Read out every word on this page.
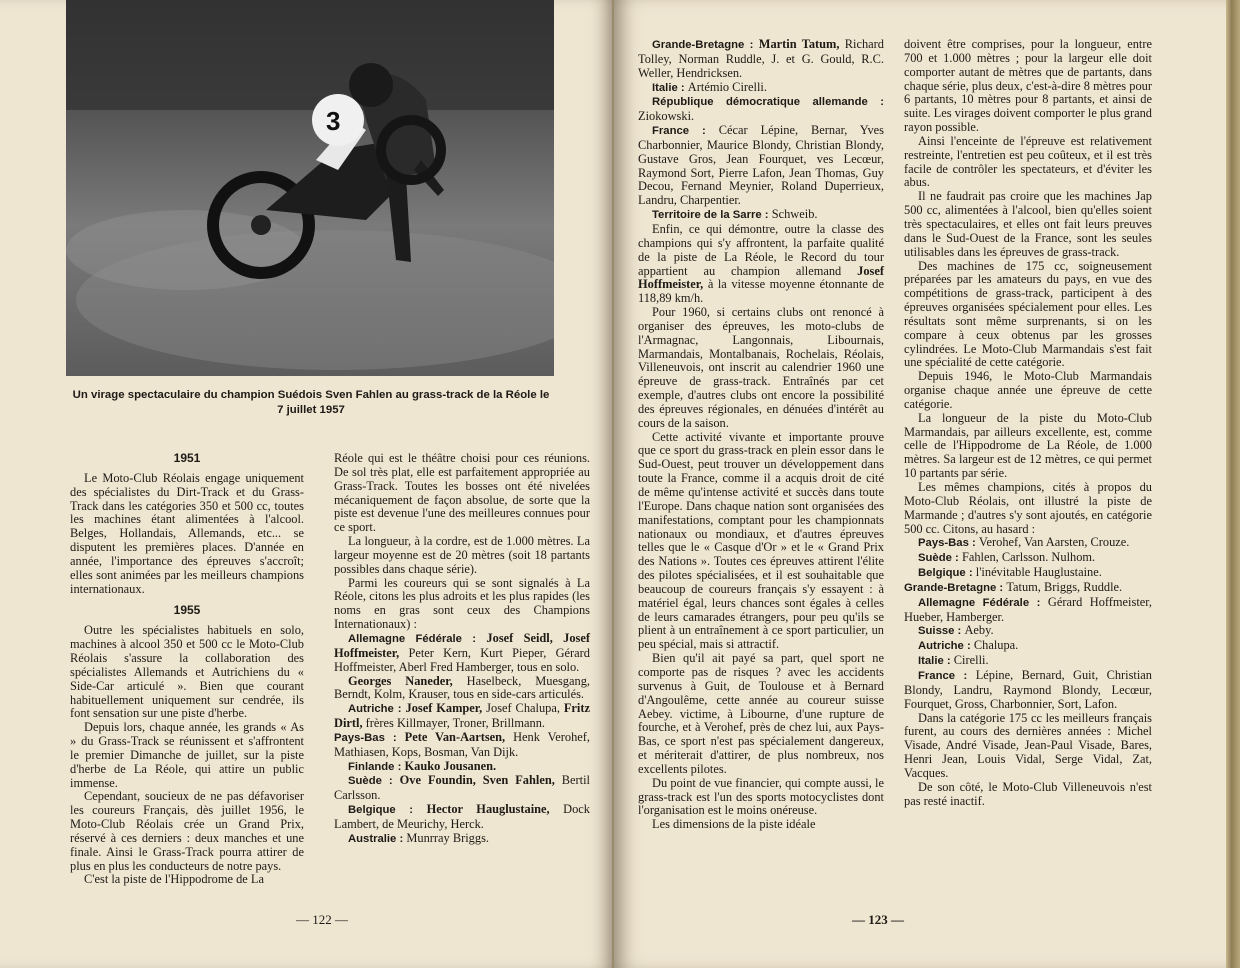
3
Un virage spectaculaire du champion Suédois Sven Fahlen au grass-track de la Réole le 7 juillet 1957
1951

Le Moto-Club Réolais engage uniquement des spécialistes du Dirt-Track et du Grass-Track dans les catégories 350 et 500 cc, toutes les machines étant alimentées à l'alcool. Belges, Hollandais, Allemands, etc... se disputent les premières places. D'année en année, l'importance des épreuves s'accroît; elles sont animées par les meilleurs champions internationaux.

1955

Outre les spécialistes habituels en solo, machines à alcool 350 et 500 cc le Moto-Club Réolais s'assure la collaboration des spécialistes Allemands et Autrichiens du « Side-Car articulé ». Bien que courant habituellement uniquement sur cendrée, ils font sensation sur une piste d'herbe.

Depuis lors, chaque année, les grands « As » du Grass-Track se réunissent et s'affrontent le premier Dimanche de juillet, sur la piste d'herbe de La Réole, qui attire un public immense.

Cependant, soucieux de ne pas défavoriser les coureurs Français, dès juillet 1956, le Moto-Club Réolais crée un Grand Prix, réservé à ces derniers : deux manches et une finale. Ainsi le Grass-Track pourra attirer de plus en plus les conducteurs de notre pays.

C'est la piste de l'Hippodrome de La

Réole qui est le théâtre choisi pour ces réunions. De sol très plat, elle est parfaitement appropriée au Grass-Track. Toutes les bosses ont été nivelées mécaniquement de façon absolue, de sorte que la piste est devenue l'une des meilleures connues pour ce sport.

La longueur, à la cordre, est de 1.000 mètres. La largeur moyenne est de 20 mètres (soit 18 partants possibles dans chaque série).

Parmi les coureurs qui se sont signalés à La Réole, citons les plus adroits et les plus rapides (les noms en gras sont ceux des Champions Internationaux) :

Allemagne Fédérale : Josef Seidl, Josef Hoffmeister, Peter Kern, Kurt Pieper, Gérard Hoffmeister, Aberl Fred Hamberger, tous en solo.

Georges Naneder, Haselbeck, Muesgang, Berndt, Kolm, Krauser, tous en side-cars articulés.

Autriche : Josef Kamper, Josef Chalupa, Fritz Dirtl, frères Killmayer, Troner, Brillmann.

Pays-Bas : Pete Van-Aartsen, Henk Verohef, Mathiasen, Kops, Bosman, Van Dijk.

Finlande : Kauko Jousanen.

Suède : Ove Foundin, Sven Fahlen, Bertil Carlsson.

Belgique : Hector Hauglustaine, Dock Lambert, de Meurichy, Herck.

Australie : Munrray Briggs.

— 122 —

Grande-Bretagne : Martin Tatum, Richard Tolley, Norman Ruddle, J. et G. Gould, R.C. Weller, Hendricksen.

Italie : Artémio Cirelli.

République démocratique allemande : Ziokowski.

France : Cécar Lépine, Bernar, Yves Charbonnier, Maurice Blondy, Christian Blondy, Gustave Gros, Jean Fourquet, ves Lecœur, Raymond Sort, Pierre Lafon, Jean Thomas, Guy Decou, Fernand Meynier, Roland Duperrieux, Landru, Charpentier.

Territoire de la Sarre : Schweib.

Enfin, ce qui démontre, outre la classe des champions qui s'y affrontent, la parfaite qualité de la piste de La Réole, le Record du tour appartient au champion allemand Josef Hoffmeister, à la vitesse moyenne étonnante de 118,89 km/h.

Pour 1960, si certains clubs ont renoncé à organiser des épreuves, les moto-clubs de l'Armagnac, Langonnais, Libournais, Marmandais, Montalbanais, Rochelais, Réolais, Villeneuvois, ont inscrit au calendrier 1960 une épreuve de grass-track. Entraînés par cet exemple, d'autres clubs ont encore la possibilité des épreuves régionales, en dénuées d'intérêt au cours de la saison.

Cette activité vivante et importante prouve que ce sport du grass-track en plein essor dans le Sud-Ouest, peut trouver un développement dans toute la France, comme il a acquis droit de cité de même qu'intense activité et succès dans toute l'Europe. Dans chaque nation sont organisées des manifestations, comptant pour les championnats nationaux ou mondiaux, et d'autres épreuves telles que le « Casque d'Or » et le « Grand Prix des Nations ». Toutes ces épreuves attirent l'élite des pilotes spécialisées, et il est souhaitable que beaucoup de coureurs français s'y essayent : à matériel égal, leurs chances sont égales à celles de leurs camarades étrangers, pour peu qu'ils se plient à un entraînement à ce sport particulier, un peu spécial, mais si attractif.

Bien qu'il ait payé sa part, quel sport ne comporte pas de risques ? avec les accidents survenus à Guit, de Toulouse et à Bernard d'Angoulême, cette année au coureur suisse Aebey. victime, à Libourne, d'une rupture de fourche, et à Verohef, près de chez lui, aux Pays-Bas, ce sport n'est pas spécialement dangereux, et mériterait d'attirer, de plus nombreux, nos excellents pilotes.

Du point de vue financier, qui compte aussi, le grass-track est l'un des sports motocyclistes dont l'organisation est le moins onéreuse.

Les dimensions de la piste idéale

doivent être comprises, pour la longueur, entre 700 et 1.000 mètres ; pour la largeur elle doit comporter autant de mètres que de partants, dans chaque série, plus deux, c'est-à-dire 8 mètres pour 6 partants, 10 mètres pour 8 partants, et ainsi de suite. Les virages doivent comporter le plus grand rayon possible.

Ainsi l'enceinte de l'épreuve est relativement restreinte, l'entretien est peu coûteux, et il est très facile de contrôler les spectateurs, et d'éviter les abus.

Il ne faudrait pas croire que les machines Jap 500 cc, alimentées à l'alcool, bien qu'elles soient très spectaculaires, et elles ont fait leurs preuves dans le Sud-Ouest de la France, sont les seules utilisables dans les épreuves de grass-track.

Des machines de 175 cc, soigneusement préparées par les amateurs du pays, en vue des compétitions de grass-track, participent à des épreuves organisées spécialement pour elles. Les résultats sont même surprenants, si on les compare à ceux obtenus par les grosses cylindrées. Le Moto-Club Marmandais s'est fait une spécialité de cette catégorie.

Depuis 1946, le Moto-Club Marmandais organise chaque année une épreuve de cette catégorie.

La longueur de la piste du Moto-Club Marmandais, par ailleurs excellente, est, comme celle de l'Hippodrome de La Réole, de 1.000 mètres. Sa largeur est de 12 mètres, ce qui permet 10 partants par série.

Les mêmes champions, cités à propos du Moto-Club Réolais, ont illustré la piste de Marmande ; d'autres s'y sont ajoutés, en catégorie 500 cc. Citons, au hasard :

Pays-Bas : Verohef, Van Aarsten, Crouze.

Suède : Fahlen, Carlsson. Nulhom.

Belgique : l'inévitable Hauglustaine.

Grande-Bretagne : Tatum, Briggs, Ruddle.

Allemagne Fédérale : Gérard Hoffmeister, Hueber, Hamberger.

Suisse : Aeby.

Autriche : Chalupa.

Italie : Cirelli.

France : Lépine, Bernard, Guit, Christian Blondy, Landru, Raymond Blondy, Lecœur, Fourquet, Gross, Charbonnier, Sort, Lafon.

Dans la catégorie 175 cc les meilleurs français furent, au cours des dernières années : Michel Visade, André Visade, Jean-Paul Visade, Bares, Henri Jean, Louis Vidal, Serge Vidal, Zat, Vacques.

De son côté, le Moto-Club Villeneuvois n'est pas resté inactif.

— 123 —
